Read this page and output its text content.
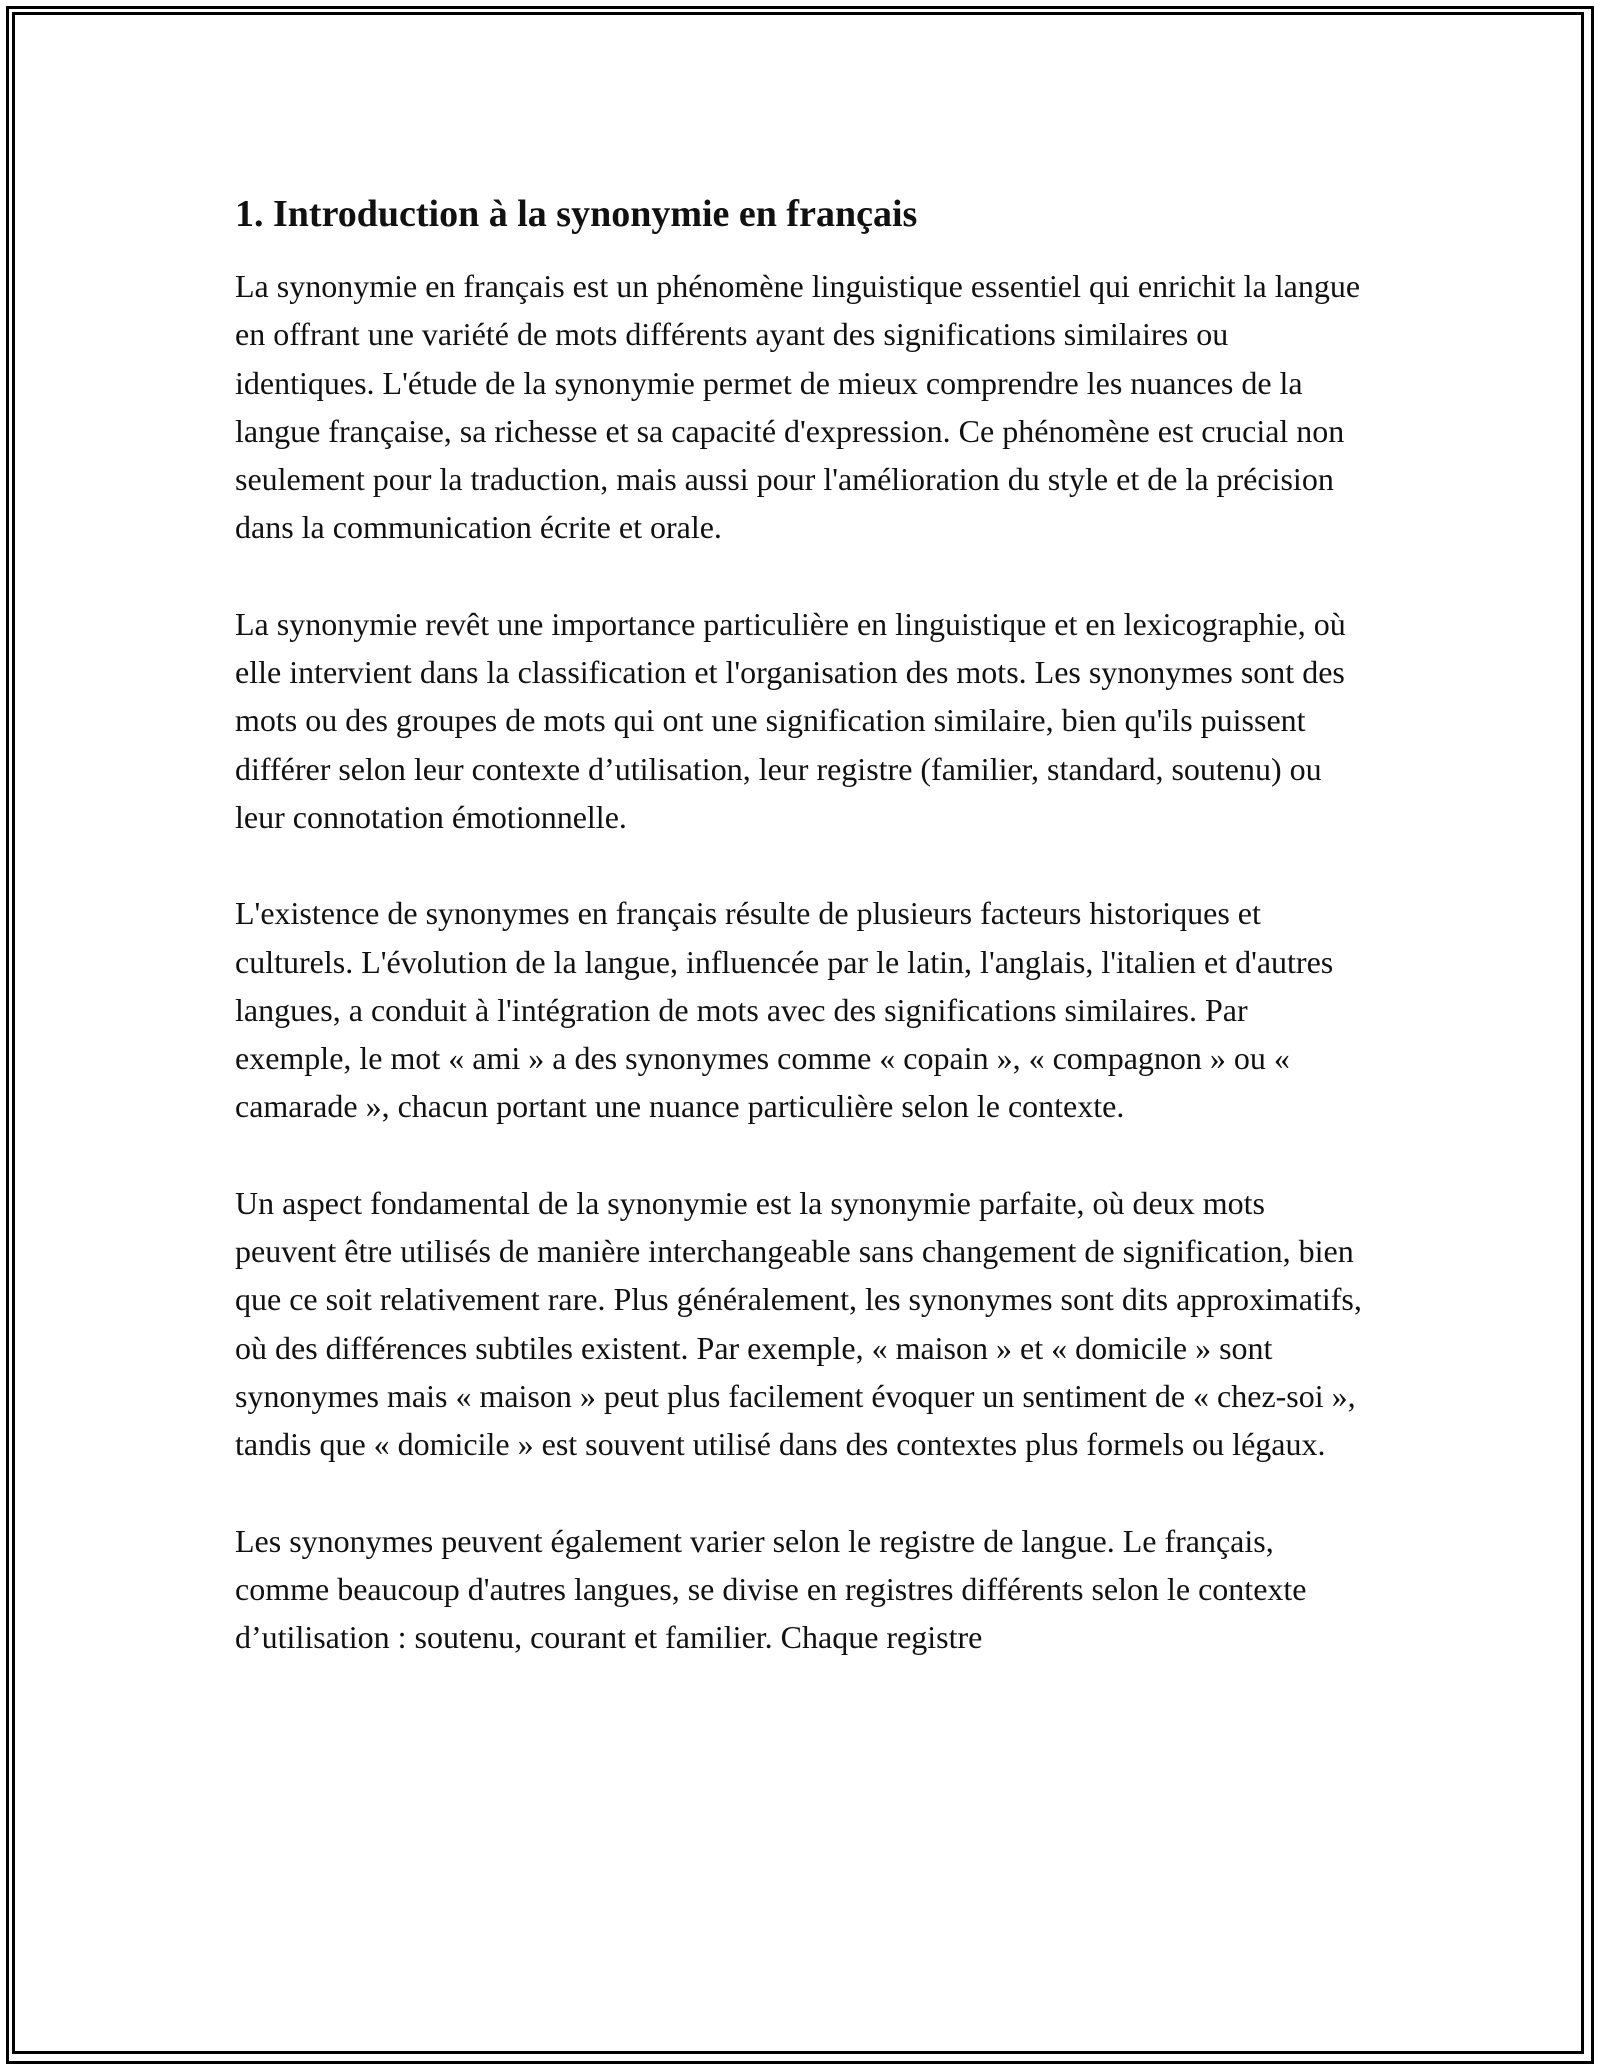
1. Introduction à la synonymie en français

La synonymie en français est un phénomène linguistique essentiel qui enrichit la langue en offrant une variété de mots différents ayant des significations similaires ou identiques. L'étude de la synonymie permet de mieux comprendre les nuances de la langue française, sa richesse et sa capacité d'expression. Ce phénomène est crucial non seulement pour la traduction, mais aussi pour l'amélioration du style et de la précision dans la communication écrite et orale.

La synonymie revêt une importance particulière en linguistique et en lexicographie, où elle intervient dans la classification et l'organisation des mots. Les synonymes sont des mots ou des groupes de mots qui ont une signification similaire, bien qu'ils puissent différer selon leur contexte d’utilisation, leur registre (familier, standard, soutenu) ou leur connotation émotionnelle.

L'existence de synonymes en français résulte de plusieurs facteurs historiques et culturels. L'évolution de la langue, influencée par le latin, l'anglais, l'italien et d'autres langues, a conduit à l'intégration de mots avec des significations similaires. Par exemple, le mot « ami » a des synonymes comme « copain », « compagnon » ou « camarade », chacun portant une nuance particulière selon le contexte.

Un aspect fondamental de la synonymie est la synonymie parfaite, où deux mots peuvent être utilisés de manière interchangeable sans changement de signification, bien que ce soit relativement rare. Plus généralement, les synonymes sont dits approximatifs, où des différences subtiles existent. Par exemple, « maison » et « domicile » sont synonymes mais « maison » peut plus facilement évoquer un sentiment de « chez-soi », tandis que « domicile » est souvent utilisé dans des contextes plus formels ou légaux.

Les synonymes peuvent également varier selon le registre de langue. Le français, comme beaucoup d'autres langues, se divise en registres différents selon le contexte d’utilisation : soutenu, courant et familier. Chaque registre
